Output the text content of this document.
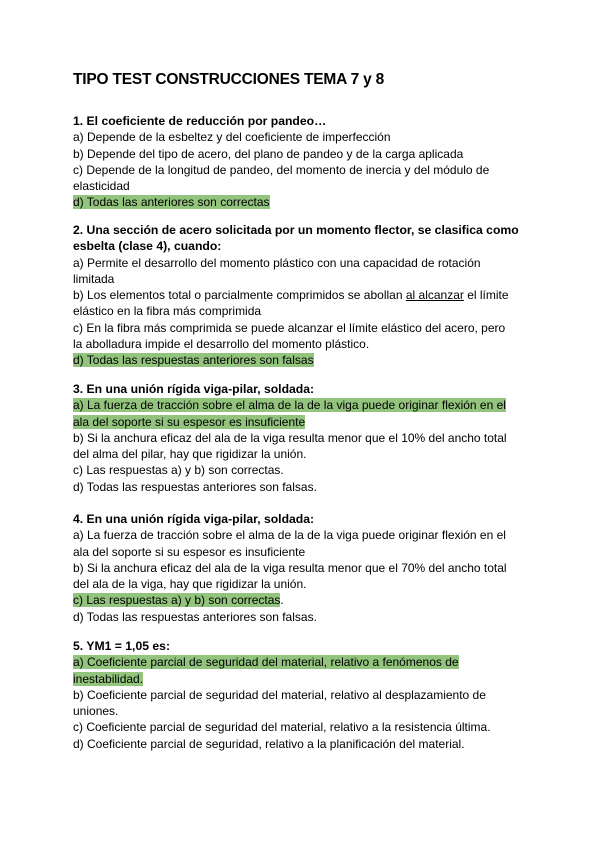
TIPO TEST CONSTRUCCIONES TEMA 7 y 8
1. El coeficiente de reducción por pandeo…
a) Depende de la esbeltez y del coeficiente de imperfección
b) Depende del tipo de acero, del plano de pandeo y de la carga aplicada
c) Depende de la longitud de pandeo, del momento de inercia y del módulo de
elasticidad
d) Todas las anteriores son correctas
2. Una sección de acero solicitada por un momento flector, se clasifica como
esbelta (clase 4), cuando:
a) Permite el desarrollo del momento plástico con una capacidad de rotación
limitada
b) Los elementos total o parcialmente comprimidos se abollan al alcanzar el límite
elástico en la fibra más comprimida
c) En la fibra más comprimida se puede alcanzar el límite elástico del acero, pero
la abolladura impide el desarrollo del momento plástico.
d) Todas las respuestas anteriores son falsas
3. En una unión rígida viga-pilar, soldada:
a) La fuerza de tracción sobre el alma de la de la viga puede originar flexión en el
ala del soporte si su espesor es insuficiente
b) Si la anchura eficaz del ala de la viga resulta menor que el 10% del ancho total
del alma del pilar, hay que rigidizar la unión.
c) Las respuestas a) y b) son correctas.
d) Todas las respuestas anteriores son falsas.
4. En una unión rígida viga-pilar, soldada:
a) La fuerza de tracción sobre el alma de la de la viga puede originar flexión en el
ala del soporte si su espesor es insuficiente
b) Si la anchura eficaz del ala de la viga resulta menor que el 70% del ancho total
del ala de la viga, hay que rigidizar la unión.
c) Las respuestas a) y b) son correctas.
d) Todas las respuestas anteriores son falsas.
5. YM1 = 1,05 es:
a) Coeficiente parcial de seguridad del material, relativo a fenómenos de
inestabilidad.
b) Coeficiente parcial de seguridad del material, relativo al desplazamiento de
uniones.
c) Coeficiente parcial de seguridad del material, relativo a la resistencia última.
d) Coeficiente parcial de seguridad, relativo a la planificación del material.
